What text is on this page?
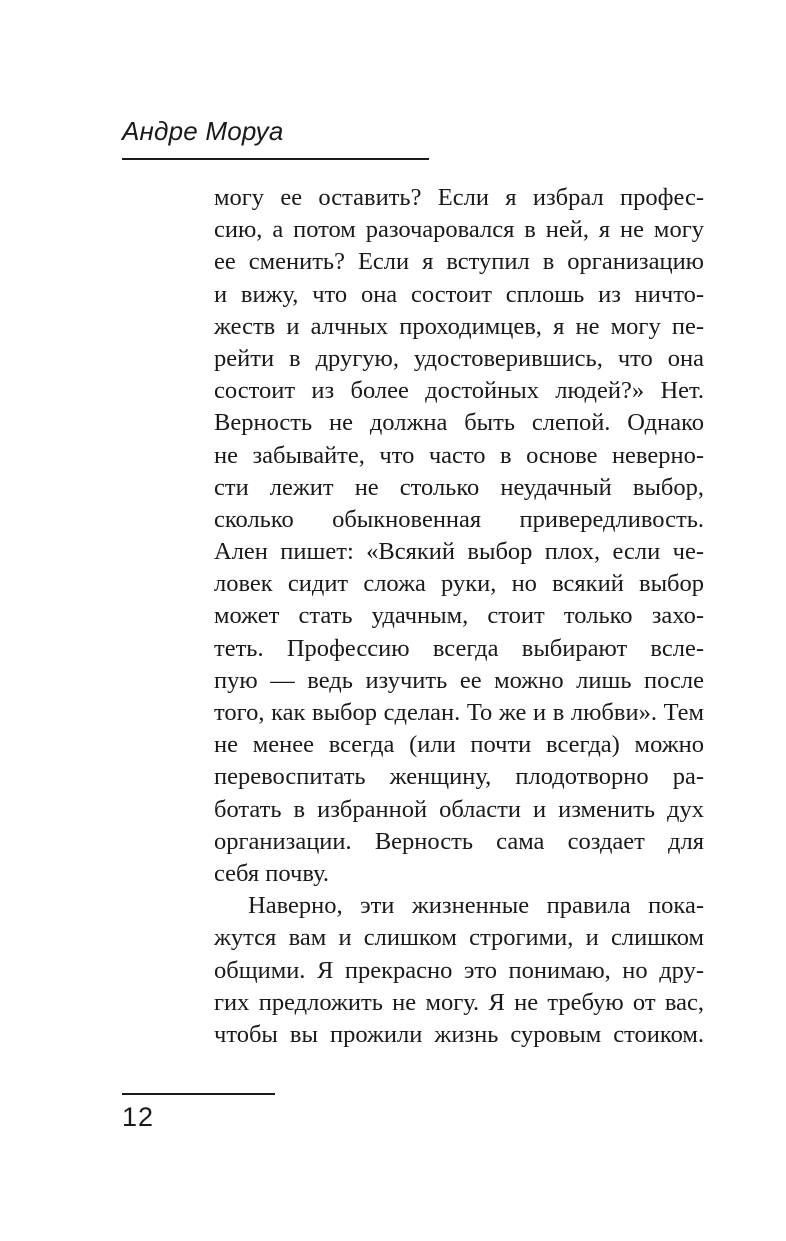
Андре Моруа
могу ее оставить? Если я избрал профес-
сию, а потом разочаровался в ней, я не могу
ее сменить? Если я вступил в организацию
и вижу, что она состоит сплошь из ничто-
жеств и алчных проходимцев, я не могу пе-
рейти в другую, удостоверившись, что она
состоит из более достойных людей?» Нет.
Верность не должна быть слепой. Однако
не забывайте, что часто в основе неверно-
сти лежит не столько неудачный выбор,
сколько обыкновенная привередливость.
Ален пишет: «Всякий выбор плох, если че-
ловек сидит сложа руки, но всякий выбор
может стать удачным, стоит только захо-
теть. Профессию всегда выбирают всле-
пую — ведь изучить ее можно лишь после
того, как выбор сделан. То же и в любви». Тем
не менее всегда (или почти всегда) можно
перевоспитать женщину, плодотворно ра-
ботать в избранной области и изменить дух
организации. Верность сама создает для
себя почву.
Наверно, эти жизненные правила пока-
жутся вам и слишком строгими, и слишком
общими. Я прекрасно это понимаю, но дру-
гих предложить не могу. Я не требую от вас,
чтобы вы прожили жизнь суровым стоиком.
12
